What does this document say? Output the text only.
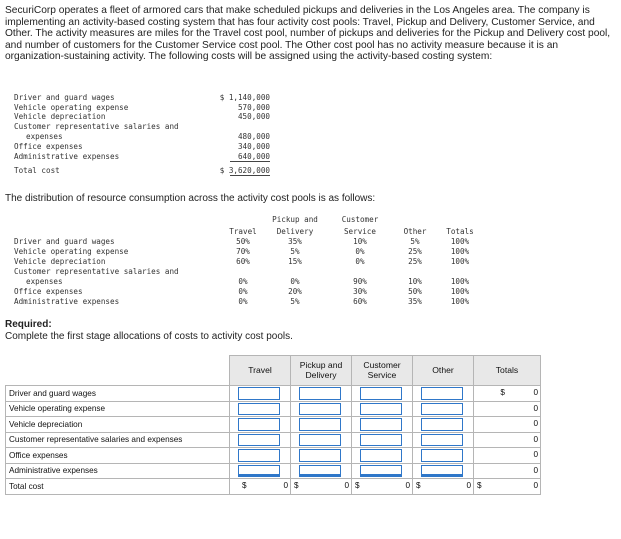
SecuriCorp operates a fleet of armored cars that make scheduled pickups and deliveries in the Los Angeles area. The company is implementing an activity-based costing system that has four activity cost pools: Travel, Pickup and Delivery, Customer Service, and Other. The activity measures are miles for the Travel cost pool, number of pickups and deliveries for the Pickup and Delivery cost pool, and number of customers for the Customer Service cost pool. The Other cost pool has no activity measure because it is an organization-sustaining activity. The following costs will be assigned using the activity-based costing system:
Driver and guard wages	$ 1,140,000
Vehicle operating expense	570,000
Vehicle depreciation	450,000
Customer representative salaries and
expenses	480,000
Office expenses	340,000
Administrative expenses	640,000
Total cost	$ 3,620,000
The distribution of resource consumption across the activity cost pools is as follows:
Pickup and	Customer
Travel	Delivery	Service	Other	Totals
Driver and guard wages	50%	35%	10%	5%	100%
Vehicle operating expense	70%	5%	0%	25%	100%
Vehicle depreciation	60%	15%	0%	25%	100%
Customer representative salaries and
expenses	0%	0%	90%	10%	100%
Office expenses	0%	20%	30%	50%	100%
Administrative expenses	0%	5%	60%	35%	100%
Required:
Complete the first stage allocations of costs to activity cost pools.
	Travel	Pickup and Delivery	Customer Service	Other	Totals
Driver and guard wages					$ 0

Vehicle operating expense					0

Vehicle depreciation					0

Customer representative salaries and expenses					0

Office expenses					0

Administrative expenses					0

Total cost	$ 0	$ 0	$ 0	$ 0	$ 0
